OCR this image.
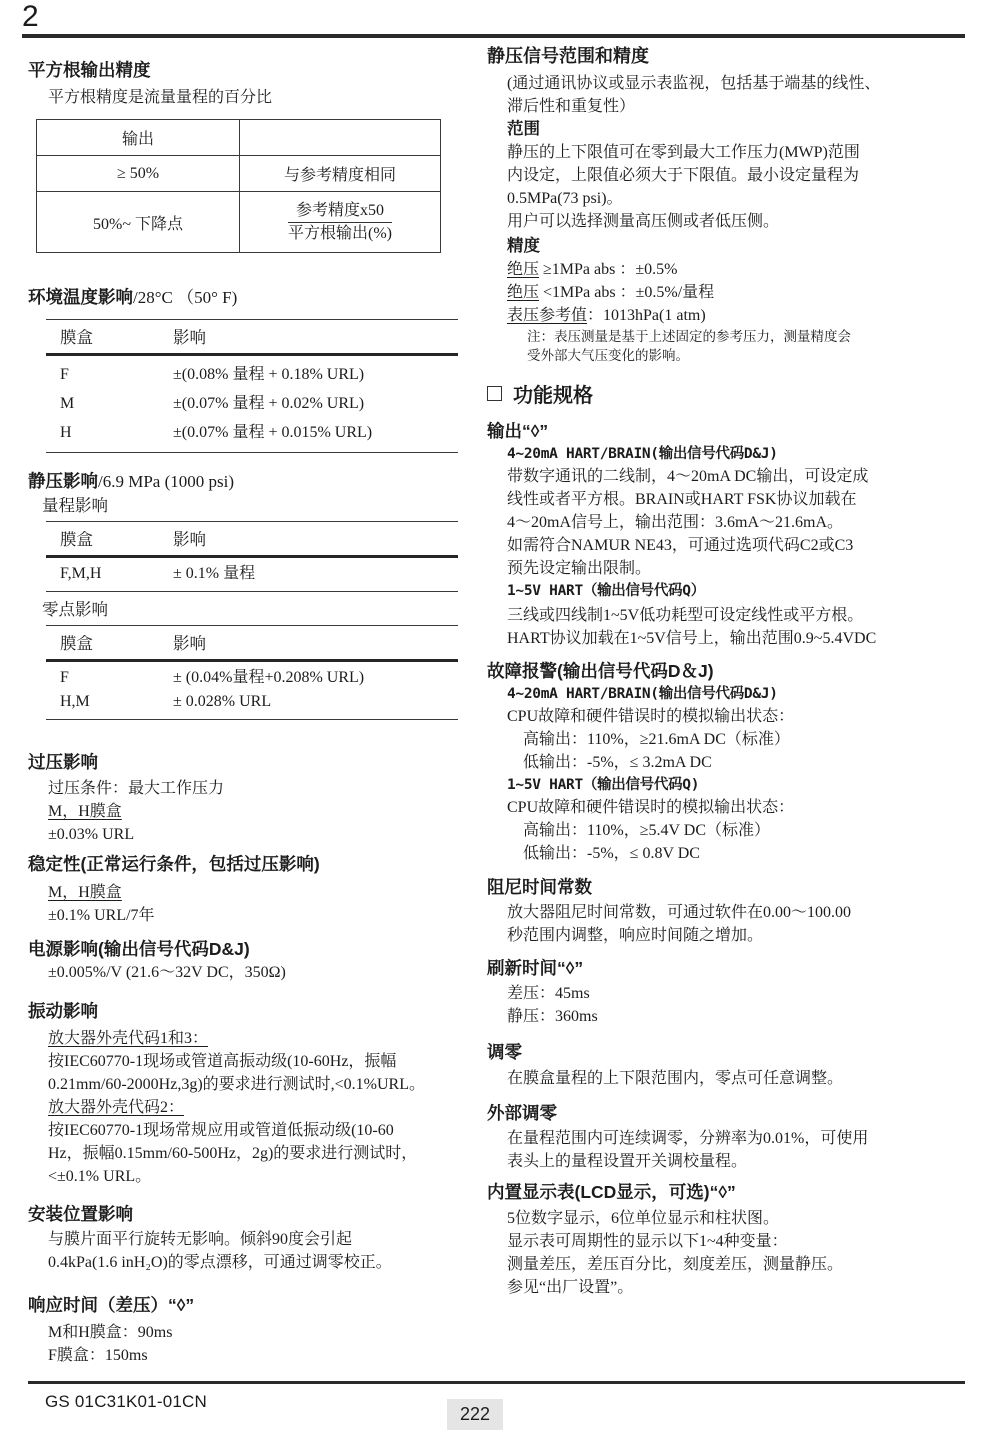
2
平方根输出精度
平方根精度是流量量程的百分比
输出	
≥ 50%	与参考精度相同
50%~ 下降点	$\frac{\text{参考精度x50}}{\text{平方根输出(\%)}}$
环境温度影响/28°C （50° F)
膜盒	影响
F	±(0.08% 量程 + 0.18% URL)
M	±(0.07% 量程 + 0.02% URL)
H	±(0.07% 量程 + 0.015% URL)
静压影响/6.9 MPa (1000 psi)
量程影响
膜盒	影响
F,M,H	± 0.1% 量程
零点影响
膜盒	影响
F	± (0.04%量程+0.208% URL)
H,M	± 0.028% URL
过压影响
过压条件：最大工作压力
M，H膜盒
±0.03% URL
稳定性(正常运行条件，包括过压影响)
M，H膜盒
±0.1% URL/7年
电源影响(输出信号代码D&J)
±0.005%/V (21.6～32V DC，350Ω)
振动影响
放大器外壳代码1和3：
按IEC60770-1现场或管道高振动级(10-60Hz，振幅
0.21mm/60-2000Hz,3g)的要求进行测试时,<0.1%URL。
放大器外壳代码2：
按IEC60770-1现场常规应用或管道低振动级(10-60
Hz，振幅0.15mm/60-500Hz，2g)的要求进行测试时，
<±0.1% URL。
安装位置影响
与膜片面平行旋转无影响。倾斜90度会引起
0.4kPa(1.6 inH₂O)的零点漂移，可通过调零校正。
响应时间（差压）“◊”
M和H膜盒：90ms
F膜盒：150ms
静压信号范围和精度
(通过通讯协议或显示表监视，包括基于端基的线性、
滞后性和重复性）
范围
静压的上下限值可在零到最大工作压力(MWP)范围
内设定，上限值必须大于下限值。最小设定量程为
0.5MPa(73 psi)。
用户可以选择测量高压侧或者低压侧。
精度
绝压 ≥1MPa abs ：±0.5%
绝压 <1MPa abs ：±0.5%/量程
表压参考值：1013hPa(1 atm)
注：表压测量是基于上述固定的参考压力，测量精度会
受外部大气压变化的影响。
功能规格
输出“◊”
4~20mA HART/BRAIN(输出信号代码D&J)
带数字通讯的二线制，4～20mA DC输出，可设定成
线性或者平方根。BRAIN或HART FSK协议加载在
4～20mA信号上，输出范围：3.6mA～21.6mA。
如需符合NAMUR NE43，可通过选项代码C2或C3
预先设定输出限制。
1~5V HART（输出信号代码Q）
三线或四线制1~5V低功耗型可设定线性或平方根。
HART协议加载在1~5V信号上，输出范围0.9~5.4VDC
故障报警(输出信号代码D＆J)
4~20mA HART/BRAIN(输出信号代码D&J)
CPU故障和硬件错误时的模拟输出状态：
高输出：110%，≥21.6mA DC（标准）
低输出：-5%，≤ 3.2mA DC
1~5V HART（输出信号代码Q)
CPU故障和硬件错误时的模拟输出状态：
高输出：110%，≥5.4V DC（标准）
低输出：-5%，≤ 0.8V DC
阻尼时间常数
放大器阻尼时间常数，可通过软件在0.00～100.00
秒范围内调整，响应时间随之增加。
刷新时间“◊”
差压：45ms
静压：360ms
调零
在膜盒量程的上下限范围内，零点可任意调整。
外部调零
在量程范围内可连续调零，分辨率为0.01%，可使用
表头上的量程设置开关调校量程。
内置显示表(LCD显示，可选)“◊”
5位数字显示，6位单位显示和柱状图。
显示表可周期性的显示以下1~4种变量：
测量差压，差压百分比，刻度差压，测量静压。
参见“出厂设置”。
GS 01C31K01-01CN
222
